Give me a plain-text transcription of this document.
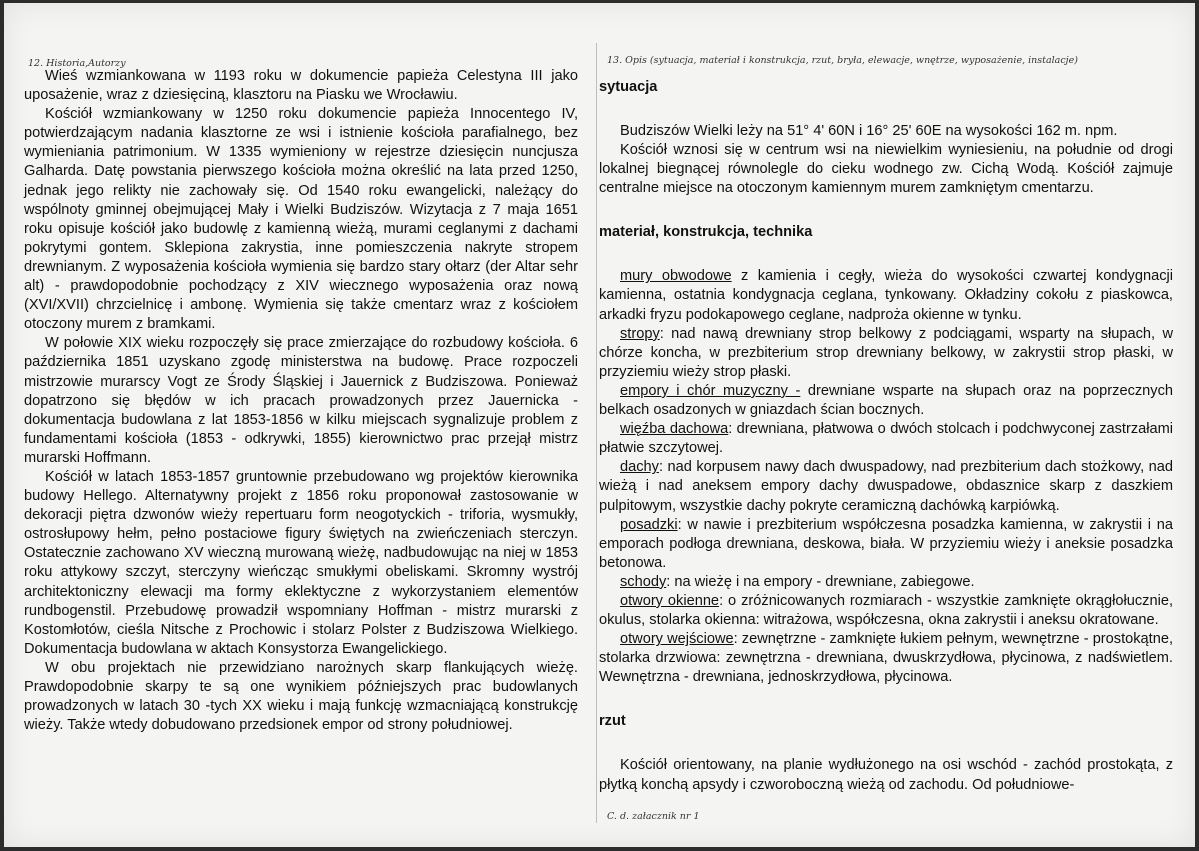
12. Historia,Autorzy	13. Opis (sytuacja, materiał i konstrukcja, rzut, bryła, elewacje, wnętrze, wyposażenie, instalacje)

Wieś wzmiankowana w 1193 roku w dokumencie papieża Celestyna III jako uposażenie, wraz z dziesięciną, klasztoru na Piasku we Wrocławiu.

Kościół wzmiankowany w 1250 roku dokumencie papieża Innocentego IV, potwierdzającym nadania klasztorne ze wsi i istnienie kościoła parafialnego, bez wymieniania patrimonium. W 1335 wymieniony w rejestrze dziesięcin nuncjusza Galharda. Datę powstania pierwszego kościoła można określić na lata przed 1250, jednak jego relikty nie zachowały się. Od 1540 roku ewangelicki, należący do wspólnoty gminnej obejmującej Mały i Wielki Budziszów. Wizytacja z 7 maja 1651 roku opisuje kościół jako budowlę z kamienną wieżą, murami ceglanymi z dachami pokrytymi gontem. Sklepiona zakrystia, inne pomieszczenia nakryte stropem drewnianym. Z wyposażenia kościoła wymienia się bardzo stary ołtarz (der Altar sehr alt) - prawdopodobnie pochodzący z XIV wiecznego wyposażenia oraz nową (XVI/XVII) chrzcielnicę i ambonę. Wymienia się także cmentarz wraz z kościołem otoczony murem z bramkami.

W połowie XIX wieku rozpoczęły się prace zmierzające do rozbudowy kościoła. 6 października 1851 uzyskano zgodę ministerstwa na budowę. Prace rozpoczeli mistrzowie murarscy Vogt ze Środy Śląskiej i Jauernick z Budziszowa. Ponieważ dopatrzono się błędów w ich pracach prowadzonych przez Jauernicka - dokumentacja budowlana z lat 1853-1856 w kilku miejscach sygnalizuje problem z fundamentami kościoła (1853 - odkrywki, 1855) kierownictwo prac przejął mistrz murarski Hoffmann.

Kościół w latach 1853-1857 gruntownie przebudowano wg projektów kierownika budowy Hellego. Alternatywny projekt z 1856 roku proponował zastosowanie w dekoracji piętra dzwonów wieży repertuaru form neogotyckich - triforia, wysmukły, ostrosłupowy hełm, pełno postaciowe figury świętych na zwieńczeniach sterczyn. Ostatecznie zachowano XV wieczną murowaną wieżę, nadbudowując na niej w 1853 roku attykowy szczyt, sterczyny wieńcząc smukłymi obeliskami. Skromny wystrój architektoniczny elewacji ma formy eklektyczne z wykorzystaniem elementów rundbogenstil. Przebudowę prowadził wspomniany Hoffman - mistrz murarski z Kostomłotów, cieśla Nitsche z Prochowic i stolarz Polster z Budziszowa Wielkiego. Dokumentacja budowlana w aktach Konsystorza Ewangelickiego.

W obu projektach nie przewidziano narożnych skarp flankujących wieżę. Prawdopodobnie skarpy te są one wynikiem późniejszych prac budowlanych prowadzonych w latach 30 -tych XX wieku i mają funkcję wzmacniającą konstrukcję wieży. Także wtedy dobudowano przedsionek empor od strony południowej.

sytuacja

Budziszów Wielki leży na 51° 4' 60N i 16° 25' 60E na wysokości 162 m. npm.

Kościół wznosi się w centrum wsi na niewielkim wyniesieniu, na południe od drogi lokalnej biegnącej równolegle do cieku wodnego zw. Cichą Wodą. Kościół zajmuje centralne miejsce na otoczonym kamiennym murem zamkniętym cmentarzu.

materiał, konstrukcja, technika

mury obwodowe z kamienia i cegły, wieża do wysokości czwartej kondygnacji kamienna, ostatnia kondygnacja ceglana, tynkowany. Okładziny cokołu z piaskowca, arkadki fryzu podokapowego ceglane, nadproża okienne w tynku.

stropy: nad nawą drewniany strop belkowy z podciągami, wsparty na słupach, w chórze koncha, w prezbiterium strop drewniany belkowy, w zakrystii strop płaski, w przyziemiu wieży strop płaski.

empory i chór muzyczny - drewniane wsparte na słupach oraz na poprzecznych belkach osadzonych w gniazdach ścian bocznych.

więźba dachowa: drewniana, płatwowa o dwóch stolcach i podchwyconej zastrzałami płatwie szczytowej.

dachy: nad korpusem nawy dach dwuspadowy, nad prezbiterium dach stożkowy, nad wieżą i nad aneksem empory dachy dwuspadowe, obdasznice skarp z daszkiem pulpitowym, wszystkie dachy pokryte ceramiczną dachówką karpiówką.

posadzki: w nawie i prezbiterium współczesna posadzka kamienna, w zakrystii i na emporach podłoga drewniana, deskowa, biała. W przyziemiu wieży i aneksie posadzka betonowa.

schody: na wieżę i na empory - drewniane, zabiegowe.

otwory okienne: o zróżnicowanych rozmiarach - wszystkie zamknięte okrągłołucznie, okulus, stolarka okienna: witrażowa, współczesna, okna zakrystii i aneksu okratowane.

otwory wejściowe: zewnętrzne - zamknięte łukiem pełnym, wewnętrzne - prostokątne, stolarka drzwiowa: zewnętrzna - drewniana, dwuskrzydłowa, płycinowa, z nadświetlem. Wewnętrzna - drewniana, jednoskrzydłowa, płycinowa.

rzut

Kościół orientowany, na planie wydłużonego na osi wschód - zachód prostokąta, z płytką konchą apsydy i czworoboczną wieżą od zachodu. Od południowe-

C. d. załacznik nr 1
